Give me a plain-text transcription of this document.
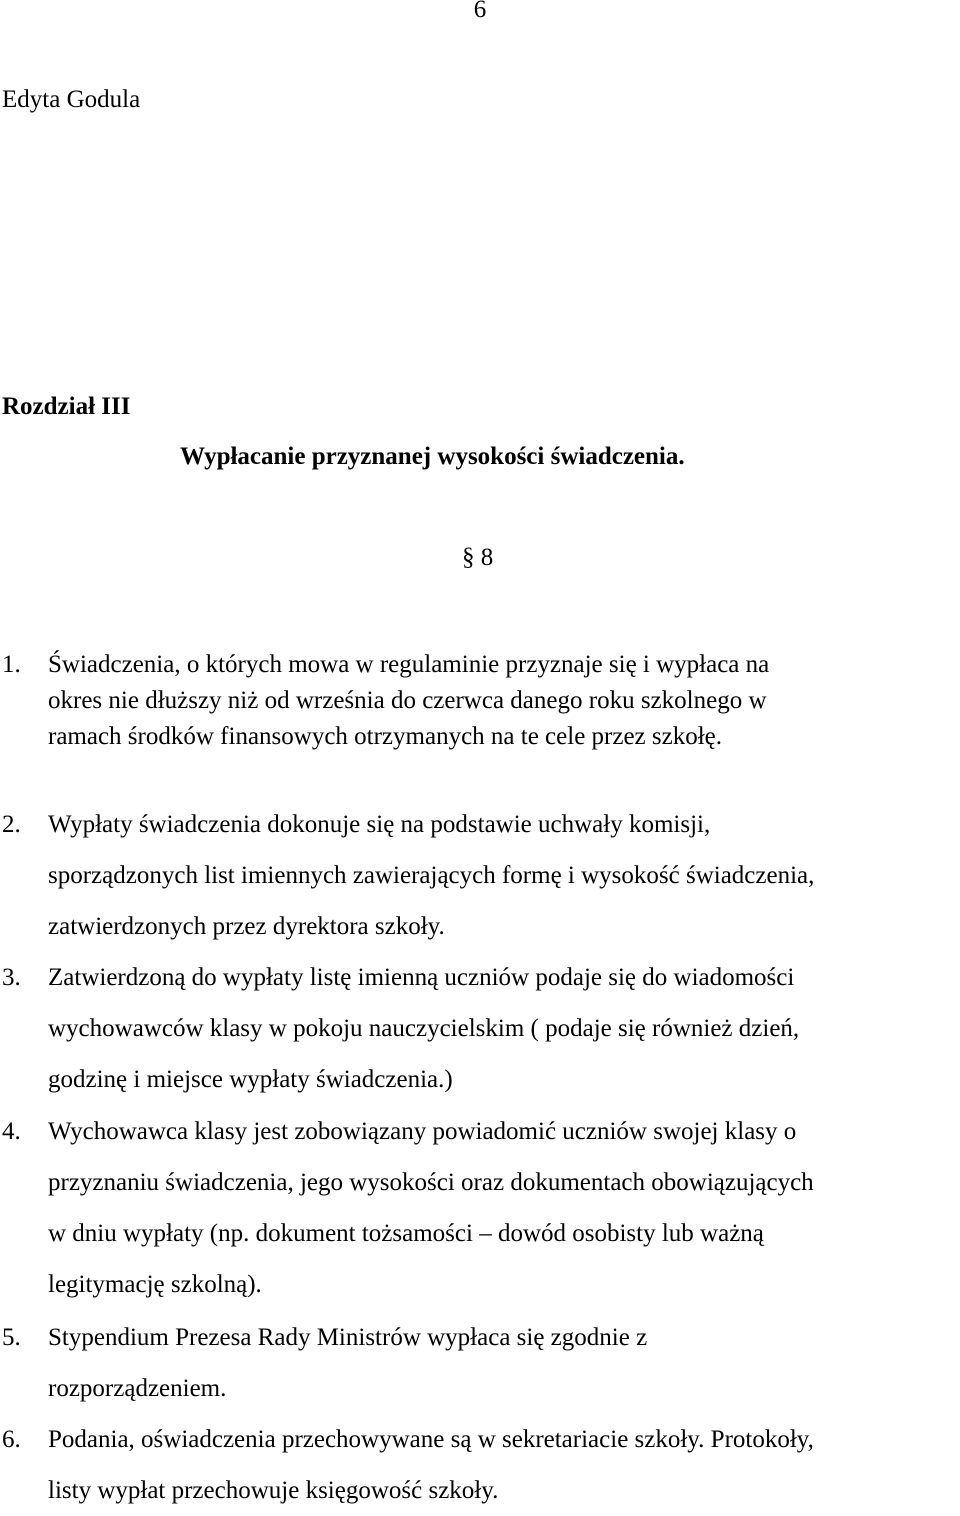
6
Edyta Godula
Rozdział III
Wypłacanie przyznanej wysokości świadczenia.
§ 8
1. Świadczenia, o których mowa w regulaminie przyznaje się i wypłaca na
okres nie dłuższy niż od września do czerwca danego roku szkolnego w
ramach środków finansowych otrzymanych na te cele przez szkołę.
2. Wypłaty świadczenia dokonuje się na podstawie uchwały komisji,
sporządzonych list imiennych zawierających formę i wysokość świadczenia,
zatwierdzonych przez dyrektora szkoły.
3. Zatwierdzoną do wypłaty listę imienną uczniów podaje się do wiadomości
wychowawców klasy w pokoju nauczycielskim ( podaje się również dzień,
godzinę i miejsce wypłaty świadczenia.)
4. Wychowawca klasy jest zobowiązany powiadomić uczniów swojej klasy o
przyznaniu świadczenia, jego wysokości oraz dokumentach obowiązujących
w dniu wypłaty (np. dokument tożsamości – dowód osobisty lub ważną
legitymację szkolną).
5. Stypendium Prezesa Rady Ministrów wypłaca się zgodnie z
rozporządzeniem.
6. Podania, oświadczenia przechowywane są w sekretariacie szkoły. Protokoły,
listy wypłat przechowuje księgowość szkoły.
